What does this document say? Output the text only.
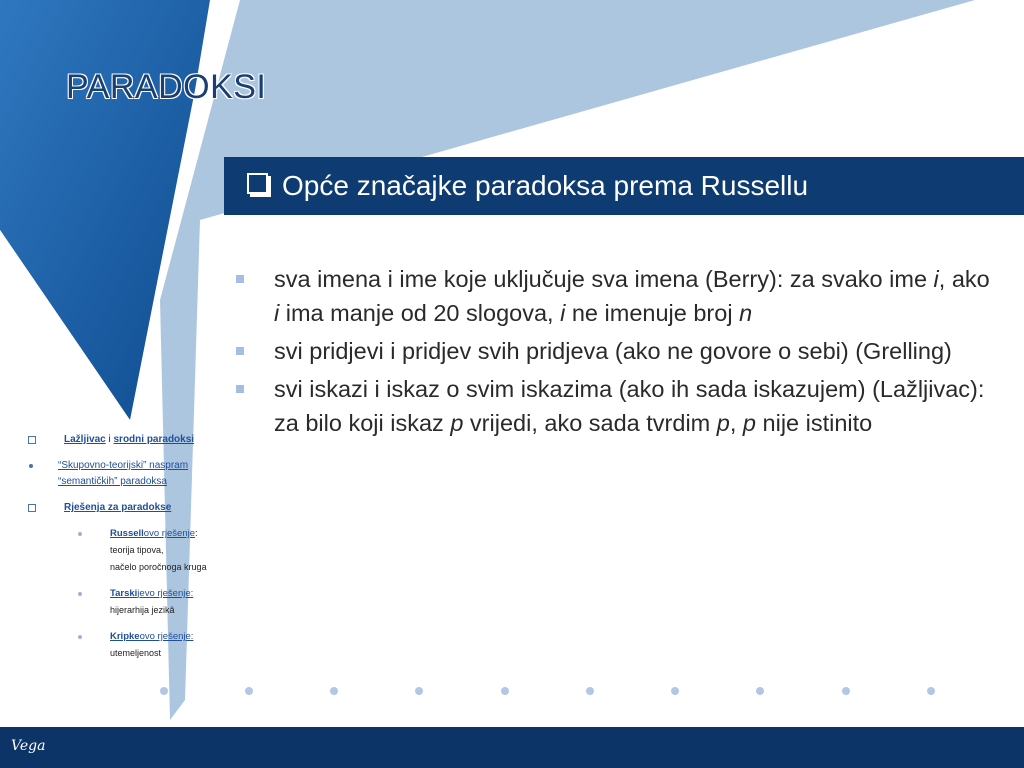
PARADOKSI
Opće značajke paradoksa prema Russellu
sva imena i ime koje uključuje sva imena (Berry): za svako ime i, ako i ima manje od 20 slogova, i ne imenuje broj n
svi pridjevi i pridjev svih pridjeva (ako ne govore o sebi) (Grelling)
svi iskazi i iskaz o svim iskazima (ako ih sada iskazujem) (Lažljivac): za bilo koji iskaz p vrijedi, ako sada tvrdim p, p nije istinito
Lažljivac i srodni paradoksi
“Skupovno-teorijski” naspram “semantičkih” paradoksa
Rješenja za paradokse
Russellovo rješenje:
teorija tipova,
načelo poročnoga kruga
Tarskijevo rješenje:
hijerarhija jezikâ
Kripkeovo rješenje:
utemeljenost
Vega
